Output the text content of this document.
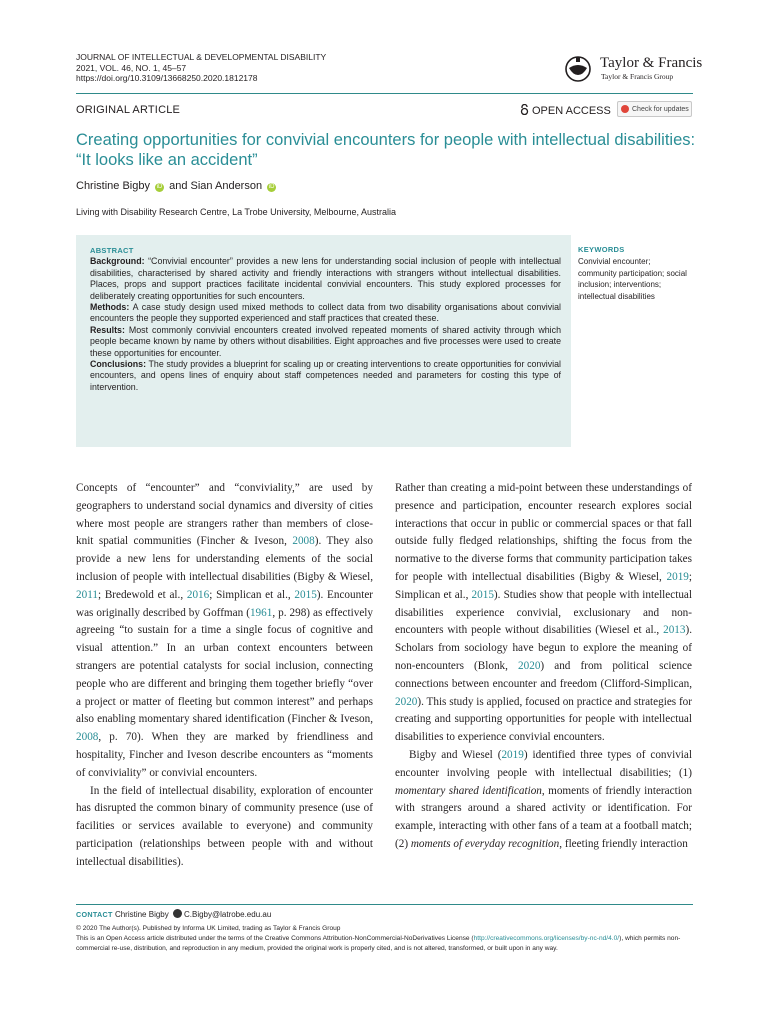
JOURNAL OF INTELLECTUAL & DEVELOPMENTAL DISABILITY
2021, VOL. 46, NO. 1, 45–57
https://doi.org/10.3109/13668250.2020.1812178
Taylor & Francis
Taylor & Francis Group
ORIGINAL ARTICLE	OPEN ACCESS	Check for updates
Creating opportunities for convivial encounters for people with intellectual disabilities: “It looks like an accident”
Christine Bigby iD and Sian Anderson iD
Living with Disability Research Centre, La Trobe University, Melbourne, Australia
ABSTRACT
Background: “Convivial encounter” provides a new lens for understanding social inclusion of people with intellectual disabilities, characterised by shared activity and friendly interactions with strangers without intellectual disabilities. Places, props and support practices facilitate incidental convivial encounters. This study explored processes for deliberately creating opportunities for such encounters.
Methods: A case study design used mixed methods to collect data from two disability organisations about convivial encounters the people they supported experienced and staff practices that created these.
Results: Most commonly convivial encounters created involved repeated moments of shared activity through which people became known by name by others without disabilities. Eight approaches and five processes were used to create these opportunities for encounter.
Conclusions: The study provides a blueprint for scaling up or creating interventions to create opportunities for convivial encounters, and opens lines of enquiry about staff competences needed and parameters for costing this type of intervention.
KEYWORDS
Convivial encounter; community participation; social inclusion; interventions; intellectual disabilities

Concepts of “encounter” and “conviviality,” are used by geographers to understand social dynamics and diversity of cities where most people are strangers rather than members of close-knit spatial communities (Fincher & Iveson, 2008). They also provide a new lens for understanding elements of the social inclusion of people with intellectual disabilities (Bigby & Wiesel, 2011; Bredewold et al., 2016; Simplican et al., 2015). Encounter was originally described by Goffman (1961, p. 298) as effectively agreeing “to sustain for a time a single focus of cognitive and visual attention.” In an urban context encounters between strangers are potential catalysts for social inclusion, connecting people who are different and bringing them together briefly “over a project or matter of fleeting but common interest” and perhaps also enabling momentary shared identification (Fincher & Iveson, 2008, p. 70). When they are marked by friendliness and hospitality, Fincher and Iveson describe encounters as “moments of conviviality” or convivial encounters.

In the field of intellectual disability, exploration of encounter has disrupted the common binary of community presence (use of facilities or services available to everyone) and community participation (relationships between people with and without intellectual disabilities).

Rather than creating a mid-point between these understandings of presence and participation, encounter research explores social interactions that occur in public or commercial spaces or that fall outside fully fledged relationships, shifting the focus from the normative to the diverse forms that community participation takes for people with intellectual disabilities (Bigby & Wiesel, 2019; Simplican et al., 2015). Studies show that people with intellectual disabilities experience convivial, exclusionary and non-encounters with people without disabilities (Wiesel et al., 2013). Scholars from sociology have begun to explore the meaning of non-encounters (Blonk, 2020) and from political science connections between encounter and freedom (Clifford-Simplican, 2020). This study is applied, focused on practice and strategies for creating and supporting opportunities for people with intellectual disabilities to experience convivial encounters.

Bigby and Wiesel (2019) identified three types of convivial encounter involving people with intellectual disabilities; (1) momentary shared identification, moments of friendly interaction with strangers around a shared activity or identification. For example, interacting with other fans of a team at a football match; (2) moments of everyday recognition, fleeting friendly interaction

CONTACT Christine Bigby C.Bigby@latrobe.edu.au

© 2020 The Author(s). Published by Informa UK Limited, trading as Taylor & Francis Group

This is an Open Access article distributed under the terms of the Creative Commons Attribution-NonCommercial-NoDerivatives License (http://creativecommons.org/licenses/by-nc-nd/4.0/), which permits non-commercial re-use, distribution, and reproduction in any medium, provided the original work is properly cited, and is not altered, transformed, or built upon in any way.
